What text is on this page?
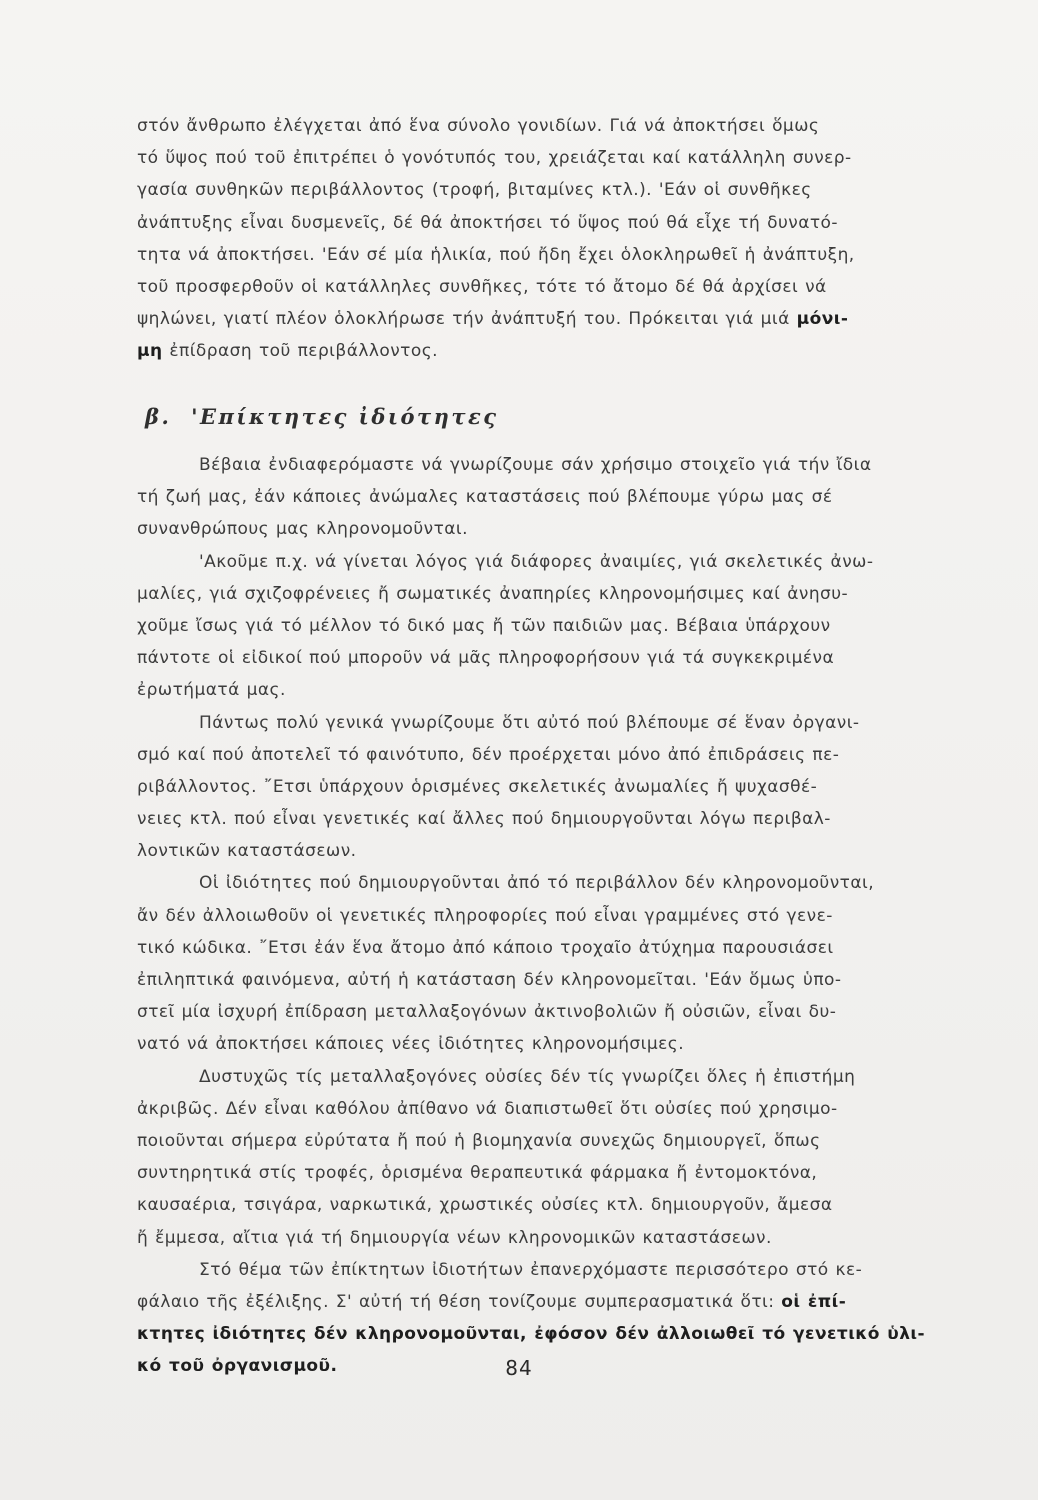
στόν ἄνθρωπο ἐλέγχεται ἀπό ἕνα σύνολο γονιδίων. Γιά νά ἀποκτήσει ὅμως
τό ὕψος πού τοῦ ἐπιτρέπει ὁ γονότυπός του, χρειάζεται καί κατάλληλη συνερ-
γασία συνθηκῶν περιβάλλοντος (τροφή, βιταμίνες κτλ.). 'Εάν οἱ συνθῆκες
ἀνάπτυξης εἶναι δυσμενεῖς, δέ θά ἀποκτήσει τό ὕψος πού θά εἶχε τή δυνατό-
τητα νά ἀποκτήσει. 'Εάν σέ μία ἡλικία, πού ἤδη ἔχει ὁλοκληρωθεῖ ἡ ἀνάπτυξη,
τοῦ προσφερθοῦν οἱ κατάλληλες συνθῆκες, τότε τό ἄτομο δέ θά ἀρχίσει νά
ψηλώνει, γιατί πλέον ὁλοκλήρωσε τήν ἀνάπτυξή του. Πρόκειται γιά μιά μόνι-
μη ἐπίδραση τοῦ περιβάλλοντος.
β. 'Επίκτητες ἰδιότητες
Βέβαια ἐνδιαφερόμαστε νά γνωρίζουμε σάν χρήσιμο στοιχεῖο γιά τήν ἴδια
τή ζωή μας, ἐάν κάποιες ἀνώμαλες καταστάσεις πού βλέπουμε γύρω μας σέ
συνανθρώπους μας κληρονομοῦνται.
'Ακοῦμε π.χ. νά γίνεται λόγος γιά διάφορες ἀναιμίες, γιά σκελετικές ἀνω-
μαλίες, γιά σχιζοφρένειες ἤ σωματικές ἀναπηρίες κληρονομήσιμες καί ἀνησυ-
χοῦμε ἴσως γιά τό μέλλον τό δικό μας ἤ τῶν παιδιῶν μας. Βέβαια ὑπάρχουν
πάντοτε οἱ εἰδικοί πού μποροῦν νά μᾶς πληροφορήσουν γιά τά συγκεκριμένα
ἐρωτήματά μας.
Πάντως πολύ γενικά γνωρίζουμε ὅτι αὐτό πού βλέπουμε σέ ἕναν ὀργανι-
σμό καί πού ἀποτελεῖ τό φαινότυπο, δέν προέρχεται μόνο ἀπό ἐπιδράσεις πε-
ριβάλλοντος. ῎Ετσι ὑπάρχουν ὁρισμένες σκελετικές ἀνωμαλίες ἤ ψυχασθέ-
νειες κτλ. πού εἶναι γενετικές καί ἄλλες πού δημιουργοῦνται λόγω περιβαλ-
λοντικῶν καταστάσεων.
Οἱ ἰδιότητες πού δημιουργοῦνται ἀπό τό περιβάλλον δέν κληρονομοῦνται,
ἄν δέν ἀλλοιωθοῦν οἱ γενετικές πληροφορίες πού εἶναι γραμμένες στό γενε-
τικό κώδικα. ῎Ετσι ἐάν ἕνα ἄτομο ἀπό κάποιο τροχαῖο ἀτύχημα παρουσιάσει
ἐπιληπτικά φαινόμενα, αὐτή ἡ κατάσταση δέν κληρονομεῖται. 'Εάν ὅμως ὑπο-
στεῖ μία ἰσχυρή ἐπίδραση μεταλλαξογόνων ἀκτινοβολιῶν ἤ οὐσιῶν, εἶναι δυ-
νατό νά ἀποκτήσει κάποιες νέες ἰδιότητες κληρονομήσιμες.
Δυστυχῶς τίς μεταλλαξογόνες οὐσίες δέν τίς γνωρίζει ὅλες ἡ ἐπιστήμη
ἀκριβῶς. Δέν εἶναι καθόλου ἀπίθανο νά διαπιστωθεῖ ὅτι οὐσίες πού χρησιμο-
ποιοῦνται σήμερα εὐρύτατα ἤ πού ἡ βιομηχανία συνεχῶς δημιουργεῖ, ὅπως
συντηρητικά στίς τροφές, ὁρισμένα θεραπευτικά φάρμακα ἤ ἐντομοκτόνα,
καυσαέρια, τσιγάρα, ναρκωτικά, χρωστικές οὐσίες κτλ. δημιουργοῦν, ἄμεσα
ἤ ἔμμεσα, αἴτια γιά τή δημιουργία νέων κληρονομικῶν καταστάσεων.
Στό θέμα τῶν ἐπίκτητων ἰδιοτήτων ἐπανερχόμαστε περισσότερο στό κε-
φάλαιο τῆς ἐξέλιξης. Σ' αὐτή τή θέση τονίζουμε συμπερασματικά ὅτι: οἱ ἐπί-
κτητες ἰδιότητες δέν κληρονομοῦνται, ἐφόσον δέν ἀλλοιωθεῖ τό γενετικό ὑλι-
κό τοῦ ὀργανισμοῦ.	84
